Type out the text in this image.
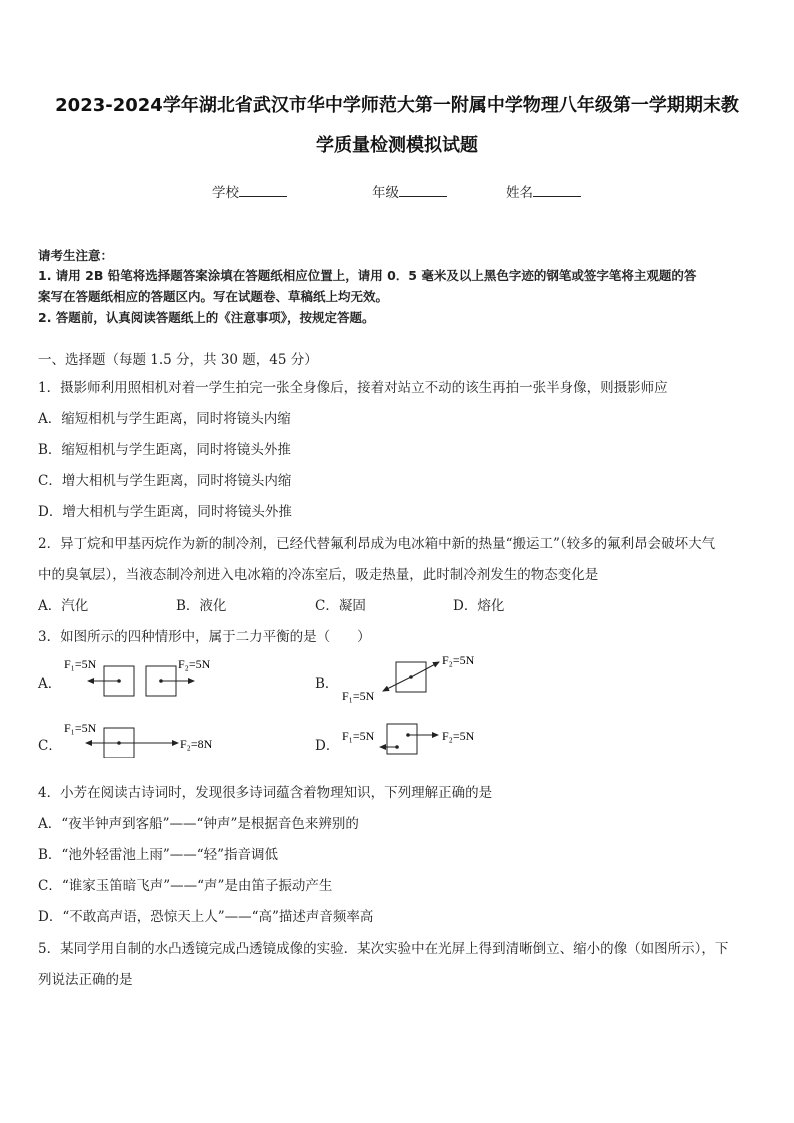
2023-2024学年湖北省武汉市华中学师范大第一附属中学物理八年级第一学期期末教
学质量检测模拟试题
学校	年级	姓名
请考生注意：
1. 请用 2B 铅笔将选择题答案涂填在答题纸相应位置上，请用 0．5 毫米及以上黑色字迹的钢笔或签字笔将主观题的答
案写在答题纸相应的答题区内。写在试题卷、草稿纸上均无效。
2. 答题前，认真阅读答题纸上的《注意事项》，按规定答题。
一、选择题（每题 1.5 分，共 30 题，45 分）
1．摄影师利用照相机对着一学生拍完一张全身像后，接着对站立不动的该生再拍一张半身像，则摄影师应
A．缩短相机与学生距离，同时将镜头内缩
B．缩短相机与学生距离，同时将镜头外推
C．增大相机与学生距离，同时将镜头内缩
D．增大相机与学生距离，同时将镜头外推
2．异丁烷和甲基丙烷作为新的制冷剂，已经代替氟利昂成为电冰箱中新的热量“搬运工”（较多的氟利昂会破坏大气
中的臭氧层），当液态制冷剂进入电冰箱的冷冻室后，吸走热量，此时制冷剂发生的物态变化是
A．汽化	B．液化	C．凝固	D．熔化
3．如图所示的四种情形中，属于二力平衡的是（　　）
A．	B．
C．	D．
F₁=5N	F₂=5N	F₂=5N
F₁=5N
F₁=5N
F₂=8N
F₁=5N	F₂=5N
4．小芳在阅读古诗词时，发现很多诗词蕴含着物理知识，下列理解正确的是
A．“夜半钟声到客船”——“钟声”是根据音色来辨别的
B．“池外轻雷池上雨”——“轻”指音调低
C．“谁家玉笛暗飞声”——“声”是由笛子振动产生
D．“不敢高声语，恐惊天上人”——“高”描述声音频率高
5．某同学用自制的水凸透镜完成凸透镜成像的实验．某次实验中在光屏上得到清晰倒立、缩小的像（如图所示），下
列说法正确的是
